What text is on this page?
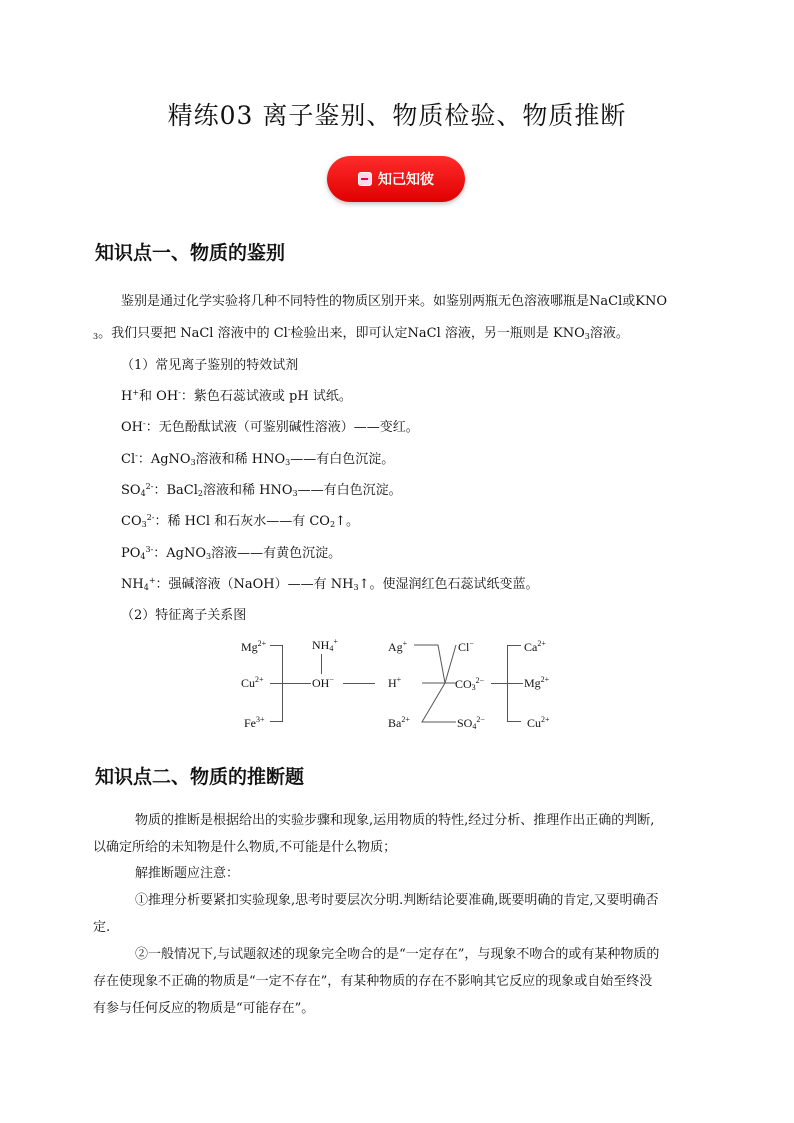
精练03 离子鉴别、物质检验、物质推断
知己知彼
知识点一、物质的鉴别
鉴别是通过化学实验将几种不同特性的物质区别开来。如鉴别两瓶无色溶液哪瓶是NaCl或KNO
$_3$。我们只要把 NaCl 溶液中的 Cl-检验出来，即可认定NaCl 溶液，另一瓶则是 $KNO_3$溶液。
（1）常见离子鉴别的特效试剂
H+和 OH-：紫色石蕊试液或 pH 试纸。
OH-：无色酚酞试液（可鉴别碱性溶液）——变红。
Cl-：AgNO$_3$溶液和稀 $HNO_3——$有白色沉淀。
$SO_4^{2-}$：BaCl$_2$溶液和稀 $HNO_3——$有白色沉淀。
$CO_3^{2-}$：稀 HCl 和石灰水——有 $CO_2↑$。
$PO_4^{3-}$：AgNO$_3$溶液——有黄色沉淀。
$NH_4^+$：强碱溶液（NaOH）——有 $NH_3↑$。使湿润红色石蕊试纸变蓝。
（2）特征离子关系图
$Mg^{2+}$
$Cu^{2+}$
$Fe^{3+}$
$NH_4^+$
OH−
Ag+
H+
$Ba^{2+}$
Cl−
$CO_3^{2-}$
$SO_4^{2-}$
$Ca^{2+}$
$Mg^{2+}$
$Cu^{2+}$
知识点二、物质的推断题
物质的推断是根据给出的实验步骤和现象,运用物质的特性,经过分析、推理作出正确的判断,
以确定所给的未知物是什么物质,不可能是什么物质；
解推断题应注意：
①推理分析要紧扣实验现象,思考时要层次分明.判断结论要准确,既要明确的肯定,又要明确否
定.
②一般情况下,与试题叙述的现象完全吻合的是“一定存在”，与现象不吻合的或有某种物质的
存在使现象不正确的物质是“一定不存在”，有某种物质的存在不影响其它反应的现象或自始至终没
有参与任何反应的物质是“可能存在”。
